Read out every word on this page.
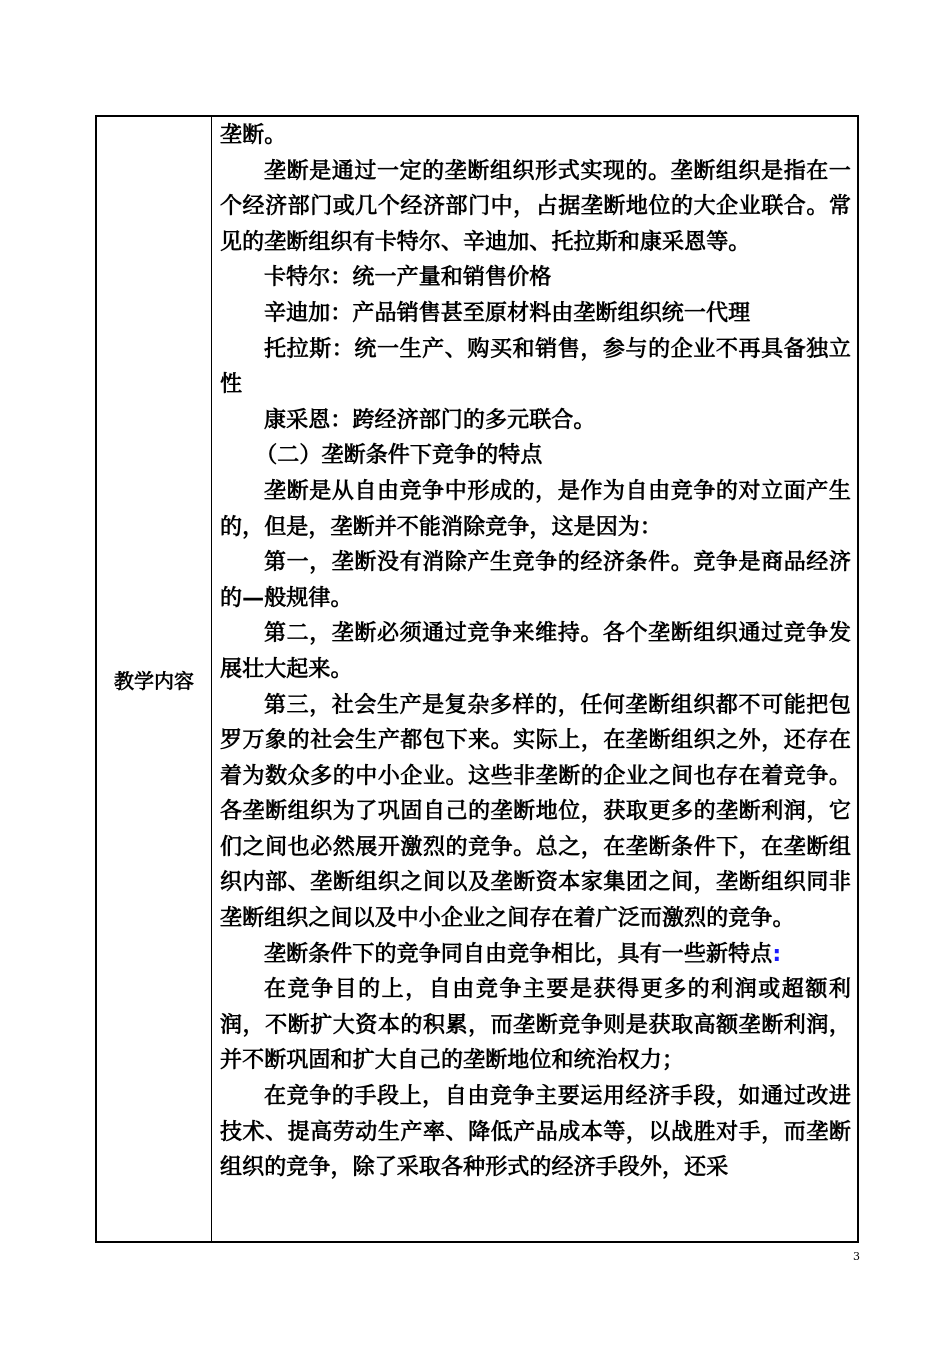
教学内容

垄断。

垄断是通过一定的垄断组织形式实现的。垄断组织是指在一个经济部门或几个经济部门中，占据垄断地位的大企业联合。常见的垄断组织有卡特尔、辛迪加、托拉斯和康采恩等。

卡特尔：统一产量和销售价格

辛迪加：产品销售甚至原材料由垄断组织统一代理

托拉斯：统一生产、购买和销售，参与的企业不再具备独立性

康采恩：跨经济部门的多元联合。

（二）垄断条件下竞争的特点

垄断是从自由竞争中形成的，是作为自由竞争的对立面产生的，但是，垄断并不能消除竞争，这是因为：

第一，垄断没有消除产生竞争的经济条件。竞争是商品经济的—般规律。

第二，垄断必须通过竞争来维持。各个垄断组织通过竞争发展壮大起来。

第三，社会生产是复杂多样的，任何垄断组织都不可能把包罗万象的社会生产都包下来。实际上，在垄断组织之外，还存在着为数众多的中小企业。这些非垄断的企业之间也存在着竞争。各垄断组织为了巩固自己的垄断地位，获取更多的垄断利润，它们之间也必然展开激烈的竞争。总之，在垄断条件下，在垄断组织内部、垄断组织之间以及垄断资本家集团之间，垄断组织同非垄断组织之间以及中小企业之间存在着广泛而激烈的竞争。

垄断条件下的竞争同自由竞争相比，具有一些新特点:

在竞争目的上，自由竞争主要是获得更多的利润或超额利润，不断扩大资本的积累，而垄断竞争则是获取高额垄断利润，并不断巩固和扩大自己的垄断地位和统治权力；

在竞争的手段上，自由竞争主要运用经济手段，如通过改进技术、提高劳动生产率、降低产品成本等，以战胜对手，而垄断组织的竞争，除了采取各种形式的经济手段外，还采

3
